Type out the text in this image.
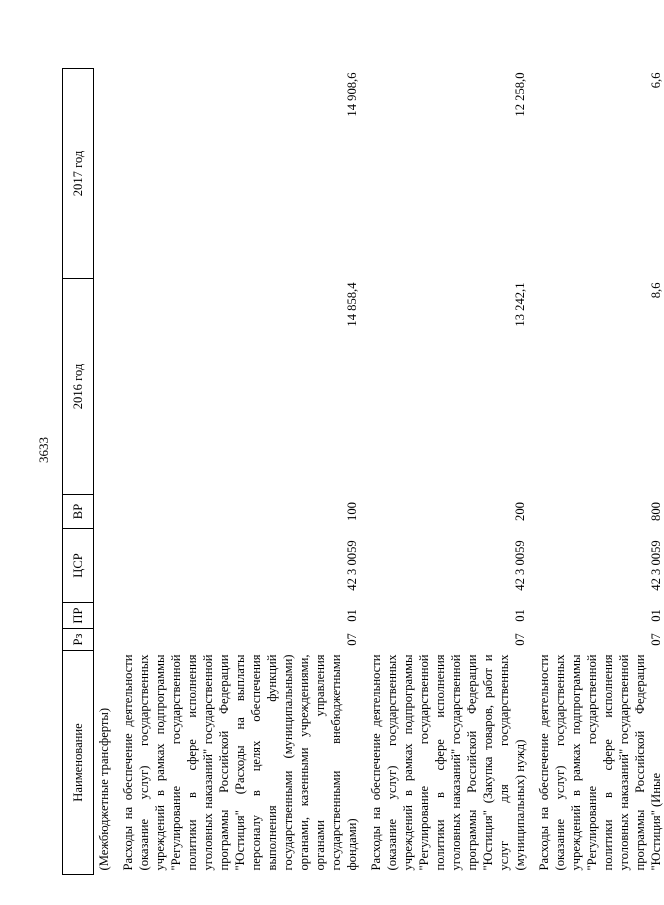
3633
Наименование	Рз	ПР	ЦСР	ВР	2016 год	2017 год
(Межбюджетные трансферты)						
Расходы на обеспечение деятельности (оказание услуг) государственных учреждений в рамках подпрограммы "Регулирование государственной политики в сфере исполнения уголовных наказаний" государственной программы Российской Федерации "Юстиция" (Расходы на выплаты персоналу в целях обеспечения выполнения функций государственными (муниципальными) органами, казенными учреждениями, органами управления государственными внебюджетными фондами)	07	01	42 3 0059	100	14 858,4	14 908,6
Расходы на обеспечение деятельности (оказание услуг) государственных учреждений в рамках подпрограммы "Регулирование государственной политики в сфере исполнения уголовных наказаний" государственной программы Российской Федерации "Юстиция" (Закупка товаров, работ и услуг для государственных (муниципальных) нужд)	07	01	42 3 0059	200	13 242,1	12 258,0
Расходы на обеспечение деятельности (оказание услуг) государственных учреждений в рамках подпрограммы "Регулирование государственной политики в сфере исполнения уголовных наказаний" государственной программы Российской Федерации "Юстиция" (Иные	07	01	42 3 0059	800	8,6	6,6
